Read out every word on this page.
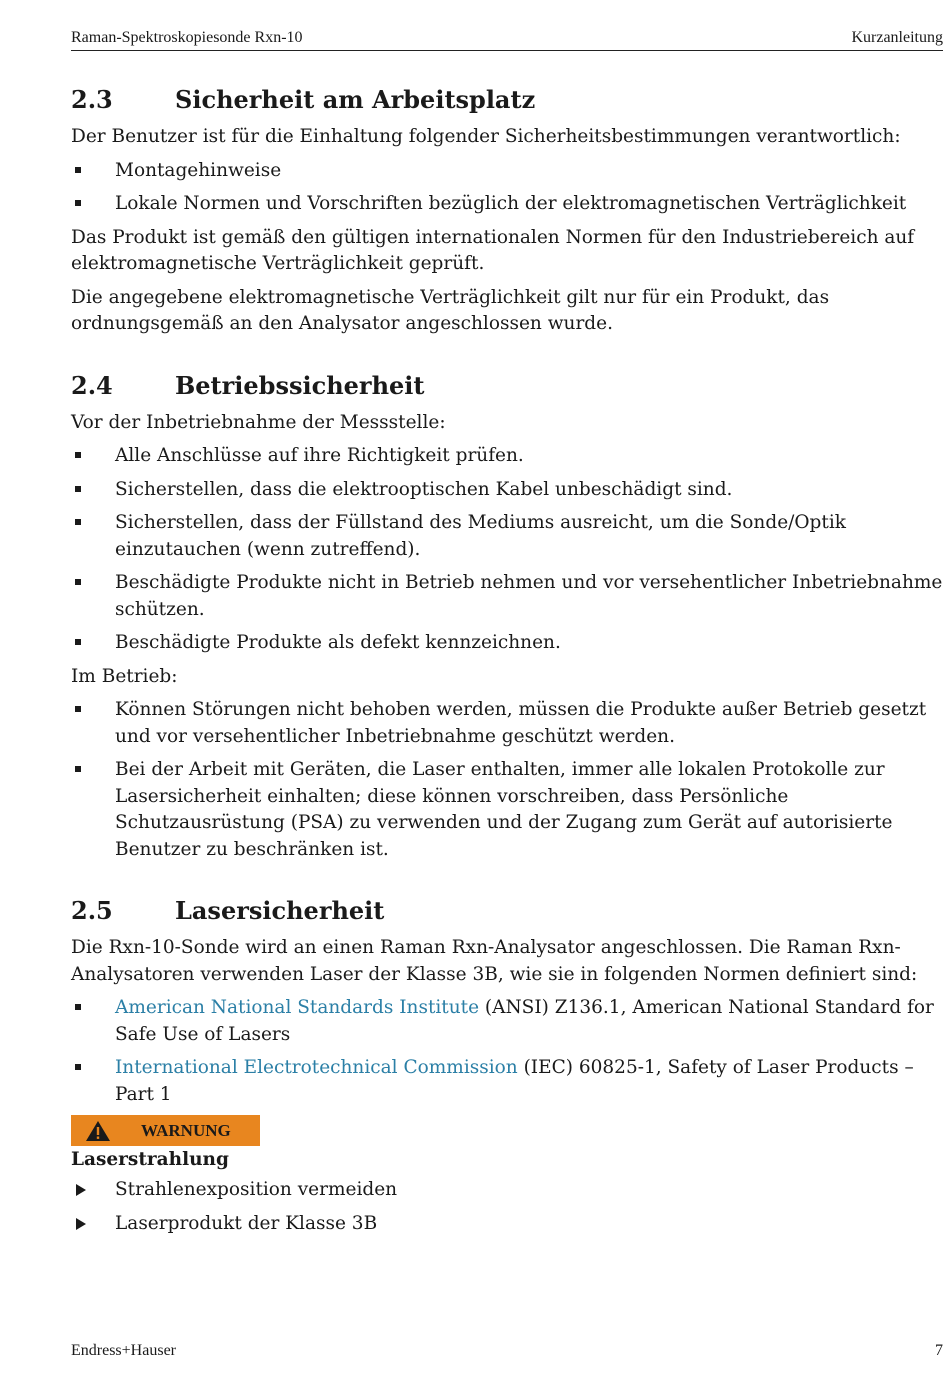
Raman-Spektroskopiesonde Rxn-10	Kurzanleitung
2.3	Sicherheit am Arbeitsplatz

Der Benutzer ist für die Einhaltung folgender Sicherheitsbestimmungen verantwortlich:

Montagehinweise
Lokale Normen und Vorschriften bezüglich der elektromagnetischen Verträglichkeit

Das Produkt ist gemäß den gültigen internationalen Normen für den Industriebereich auf elektromagnetische Verträglichkeit geprüft.

Die angegebene elektromagnetische Verträglichkeit gilt nur für ein Produkt, das ordnungsgemäß an den Analysator angeschlossen wurde.

2.4	Betriebssicherheit

Vor der Inbetriebnahme der Messstelle:

Alle Anschlüsse auf ihre Richtigkeit prüfen.
Sicherstellen, dass die elektrooptischen Kabel unbeschädigt sind.
Sicherstellen, dass der Füllstand des Mediums ausreicht, um die Sonde/Optik einzutauchen (wenn zutreffend).
Beschädigte Produkte nicht in Betrieb nehmen und vor versehentlicher Inbetriebnahme schützen.
Beschädigte Produkte als defekt kennzeichnen.

Im Betrieb:

Können Störungen nicht behoben werden, müssen die Produkte außer Betrieb gesetzt und vor versehentlicher Inbetriebnahme geschützt werden.
Bei der Arbeit mit Geräten, die Laser enthalten, immer alle lokalen Protokolle zur Lasersicherheit einhalten; diese können vorschreiben, dass Persönliche Schutzausrüstung (PSA) zu verwenden und der Zugang zum Gerät auf autorisierte Benutzer zu beschränken ist.
2.5	Lasersicherheit

Die Rxn-10-Sonde wird an einen Raman Rxn-Analysator angeschlossen. Die Raman Rxn-Analysatoren verwenden Laser der Klasse 3B, wie sie in folgenden Normen definiert sind:

American National Standards Institute (ANSI) Z136.1, American National Standard for Safe Use of Lasers
International Electrotechnical Commission (IEC) 60825-1, Safety of Laser Products – Part 1
WARNUNG
Laserstrahlung
Strahlenexposition vermeiden
Laserprodukt der Klasse 3B
Endress+Hauser	7
